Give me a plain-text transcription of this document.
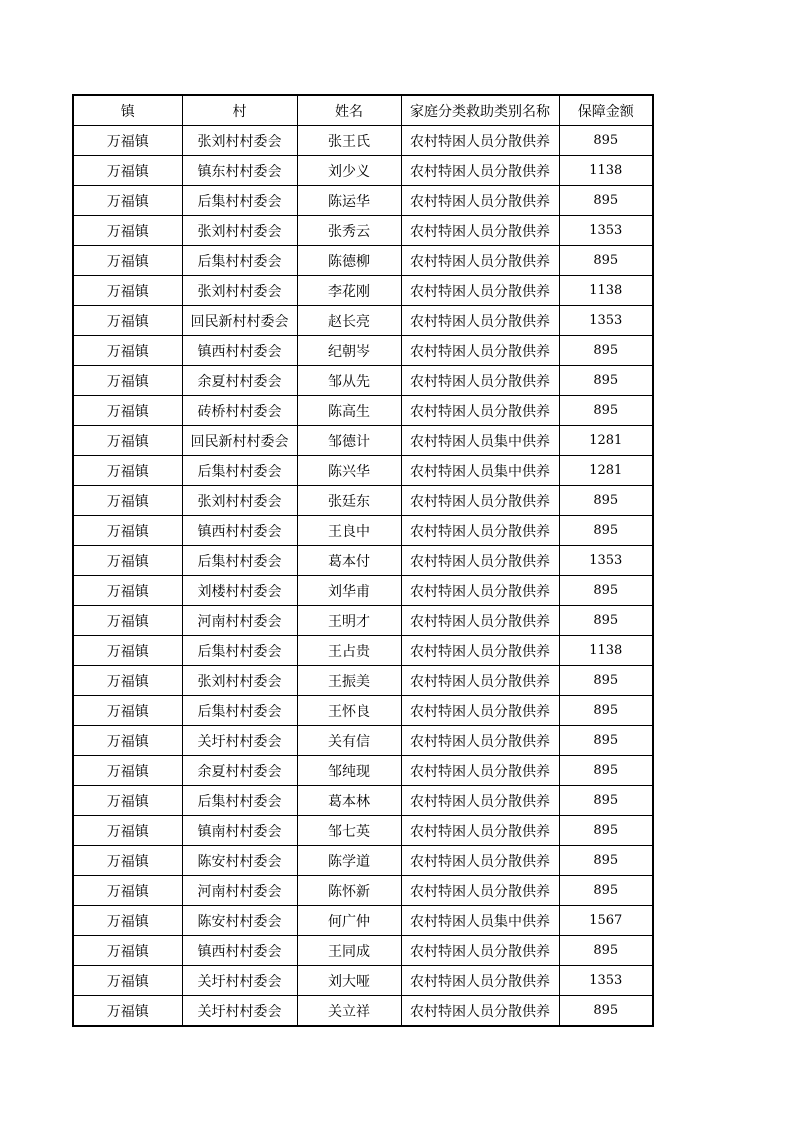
镇	村	姓名	家庭分类救助类别名称	保障金额
万福镇	张刘村村委会	张王氏	农村特困人员分散供养	895
万福镇	镇东村村委会	刘少义	农村特困人员分散供养	1138
万福镇	后集村村委会	陈运华	农村特困人员分散供养	895
万福镇	张刘村村委会	张秀云	农村特困人员分散供养	1353
万福镇	后集村村委会	陈德柳	农村特困人员分散供养	895
万福镇	张刘村村委会	李花刚	农村特困人员分散供养	1138
万福镇	回民新村村委会	赵长亮	农村特困人员分散供养	1353
万福镇	镇西村村委会	纪朝岑	农村特困人员分散供养	895
万福镇	余夏村村委会	邹从先	农村特困人员分散供养	895
万福镇	砖桥村村委会	陈高生	农村特困人员分散供养	895
万福镇	回民新村村委会	邹德计	农村特困人员集中供养	1281
万福镇	后集村村委会	陈兴华	农村特困人员集中供养	1281
万福镇	张刘村村委会	张廷东	农村特困人员分散供养	895
万福镇	镇西村村委会	王良中	农村特困人员分散供养	895
万福镇	后集村村委会	葛本付	农村特困人员分散供养	1353
万福镇	刘楼村村委会	刘华甫	农村特困人员分散供养	895
万福镇	河南村村委会	王明才	农村特困人员分散供养	895
万福镇	后集村村委会	王占贵	农村特困人员分散供养	1138
万福镇	张刘村村委会	王振美	农村特困人员分散供养	895
万福镇	后集村村委会	王怀良	农村特困人员分散供养	895
万福镇	关圩村村委会	关有信	农村特困人员分散供养	895
万福镇	余夏村村委会	邹纯现	农村特困人员分散供养	895
万福镇	后集村村委会	葛本林	农村特困人员分散供养	895
万福镇	镇南村村委会	邹七英	农村特困人员分散供养	895
万福镇	陈安村村委会	陈学道	农村特困人员分散供养	895
万福镇	河南村村委会	陈怀新	农村特困人员分散供养	895
万福镇	陈安村村委会	何广仲	农村特困人员集中供养	1567
万福镇	镇西村村委会	王同成	农村特困人员分散供养	895
万福镇	关圩村村委会	刘大哑	农村特困人员分散供养	1353
万福镇	关圩村村委会	关立祥	农村特困人员分散供养	895
